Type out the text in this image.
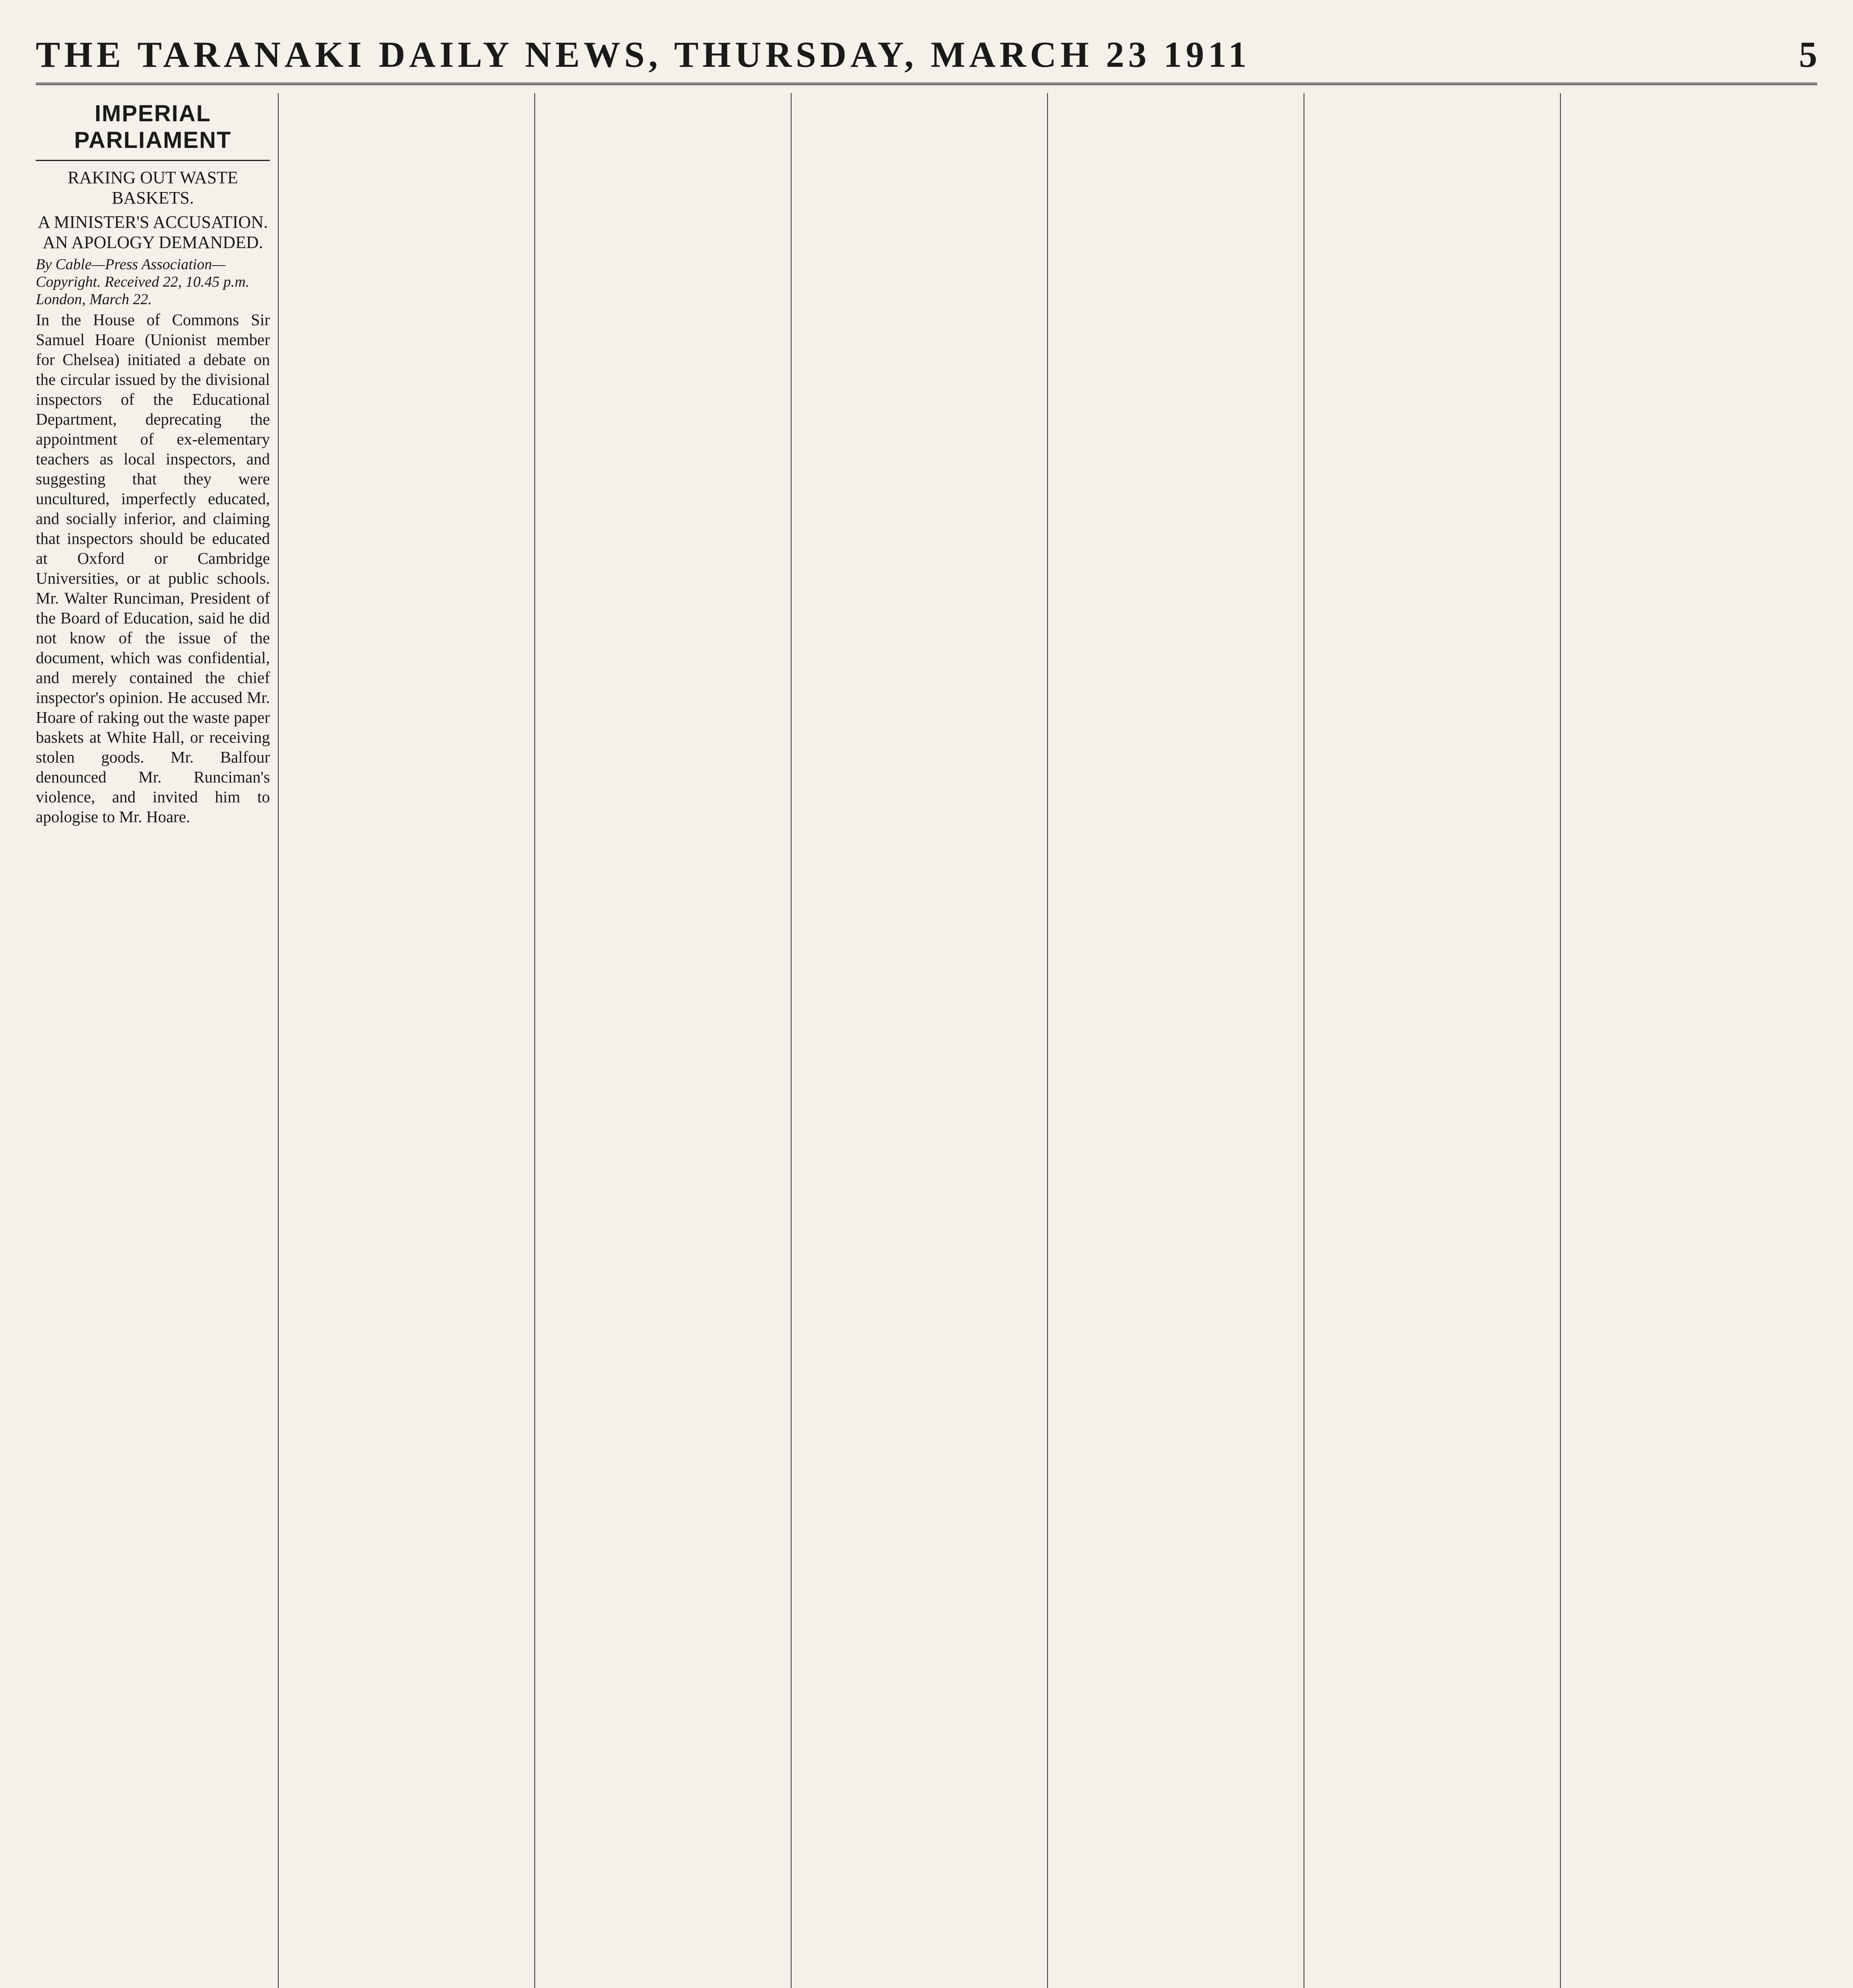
THE TARANAKI DAILY NEWS, THURSDAY, MARCH 23 1911	5
IMPERIAL PARLIAMENT
RAKING OUT WASTE BASKETS.
A MINISTER'S ACCUSATION. AN APOLOGY DEMANDED.
By Cable—Press Association—Copyright. Received 22, 10.45 p.m. London, March 22.
In the House of Commons Sir Samuel Hoare (Unionist member for Chelsea) initiated a debate on the circular issued by the divisional inspectors of the Educational Department, deprecating the appointment of ex-elementary teachers as local inspectors, and suggesting that they were uncultured, imperfectly educated, and socially inferior, and claiming that inspectors should be educated at Oxford or Cambridge Universities, or at public schools. Mr. Walter Runciman, President of the Board of Education, said he did not know of the issue of the document, which was confidential, and merely contained the chief inspector's opinion. He accused Mr. Hoare of raking out the waste paper baskets at White Hall, or receiving stolen goods. Mr. Balfour denounced Mr. Runciman's violence, and invited him to apologise to Mr. Hoare.
